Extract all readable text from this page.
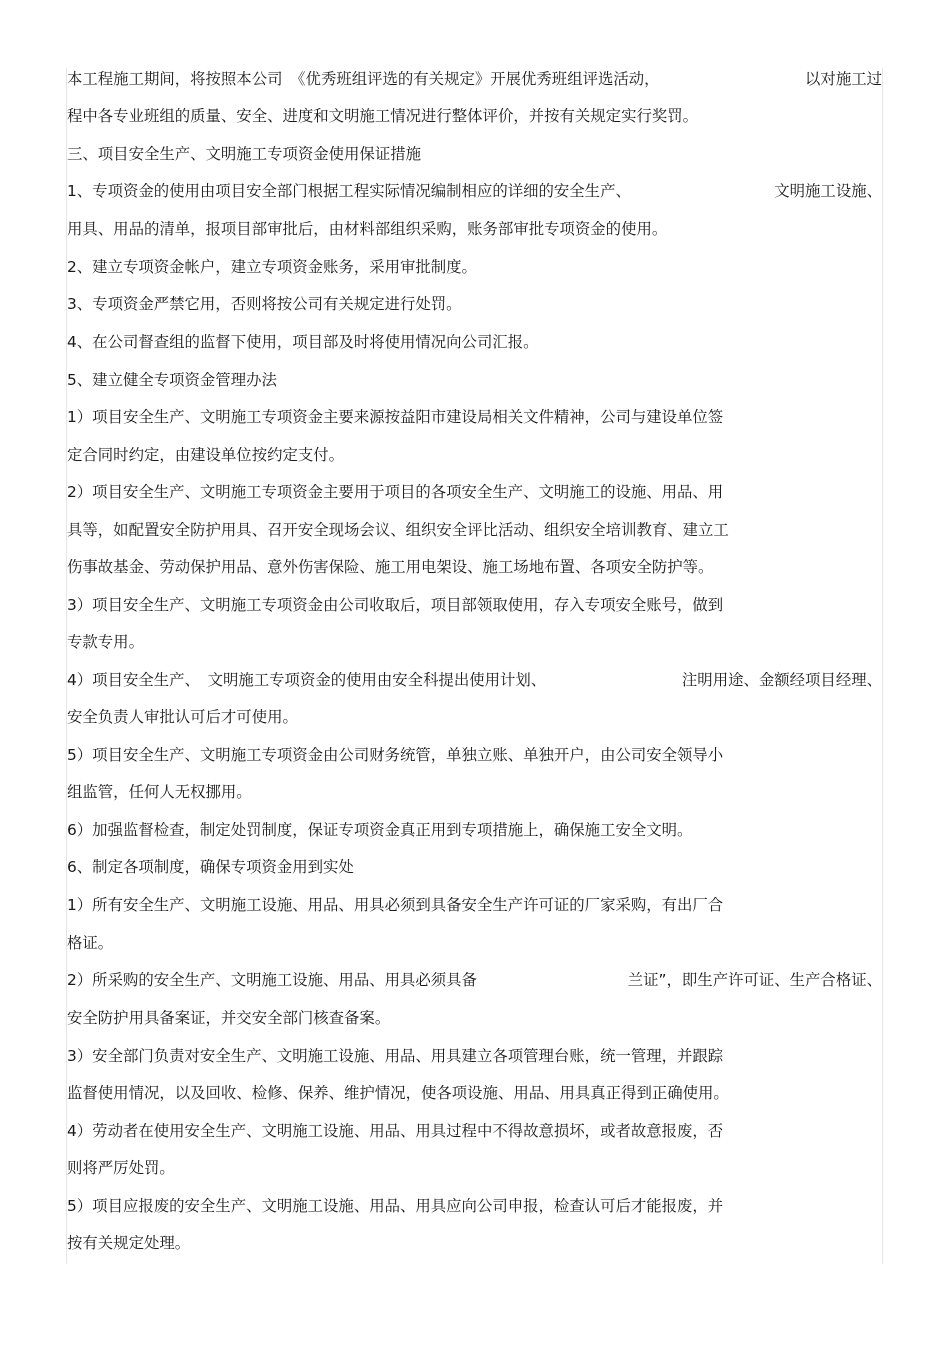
本工程施工期间，将按照本公司　《优秀班组评选的有关规定》开展优秀班组评选活动，	以对施工过
程中各专业班组的质量、安全、进度和文明施工情况进行整体评价，并按有关规定实行奖罚。
三、项目安全生产、文明施工专项资金使用保证措施
1、专项资金的使用由项目安全部门根据工程实际情况编制相应的详细的安全生产、	文明施工设施、
用具、用品的清单，报项目部审批后，由材料部组织采购，账务部审批专项资金的使用。
2、建立专项资金帐户，建立专项资金账务，采用审批制度。
3、专项资金严禁它用，否则将按公司有关规定进行处罚。
4、在公司督查组的监督下使用，项目部及时将使用情况向公司汇报。
5、建立健全专项资金管理办法
1）项目安全生产、文明施工专项资金主要来源按益阳市建设局相关文件精神，公司与建设单位签
定合同时约定，由建设单位按约定支付。
2）项目安全生产、文明施工专项资金主要用于项目的各项安全生产、文明施工的设施、用品、用
具等，如配置安全防护用具、召开安全现场会议、组织安全评比活动、组织安全培训教育、建立工
伤事故基金、劳动保护用品、意外伤害保险、施工用电架设、施工场地布置、各项安全防护等。
3）项目安全生产、文明施工专项资金由公司收取后，项目部领取使用，存入专项安全账号，做到
专款专用。
4）项目安全生产、　文明施工专项资金的使用由安全科提出使用计划、	注明用途、金额经项目经理、
安全负责人审批认可后才可使用。
5）项目安全生产、文明施工专项资金由公司财务统管，单独立账、单独开户，由公司安全领导小
组监管，任何人无权挪用。
6）加强监督检查，制定处罚制度，保证专项资金真正用到专项措施上，确保施工安全文明。
6、制定各项制度，确保专项资金用到实处
1）所有安全生产、文明施工设施、用品、用具必须到具备安全生产许可证的厂家采购，有出厂合
格证。
2）所采购的安全生产、文明施工设施、用品、用具必须具备	兰证”，即生产许可证、生产合格证、
安全防护用具备案证，并交安全部门核查备案。
3）安全部门负责对安全生产、文明施工设施、用品、用具建立各项管理台账，统一管理，并跟踪
监督使用情况，以及回收、检修、保养、维护情况，使各项设施、用品、用具真正得到正确使用。
4）劳动者在使用安全生产、文明施工设施、用品、用具过程中不得故意损坏，或者故意报废，否
则将严厉处罚。
5）项目应报废的安全生产、文明施工设施、用品、用具应向公司申报，检查认可后才能报废，并
按有关规定处理。
